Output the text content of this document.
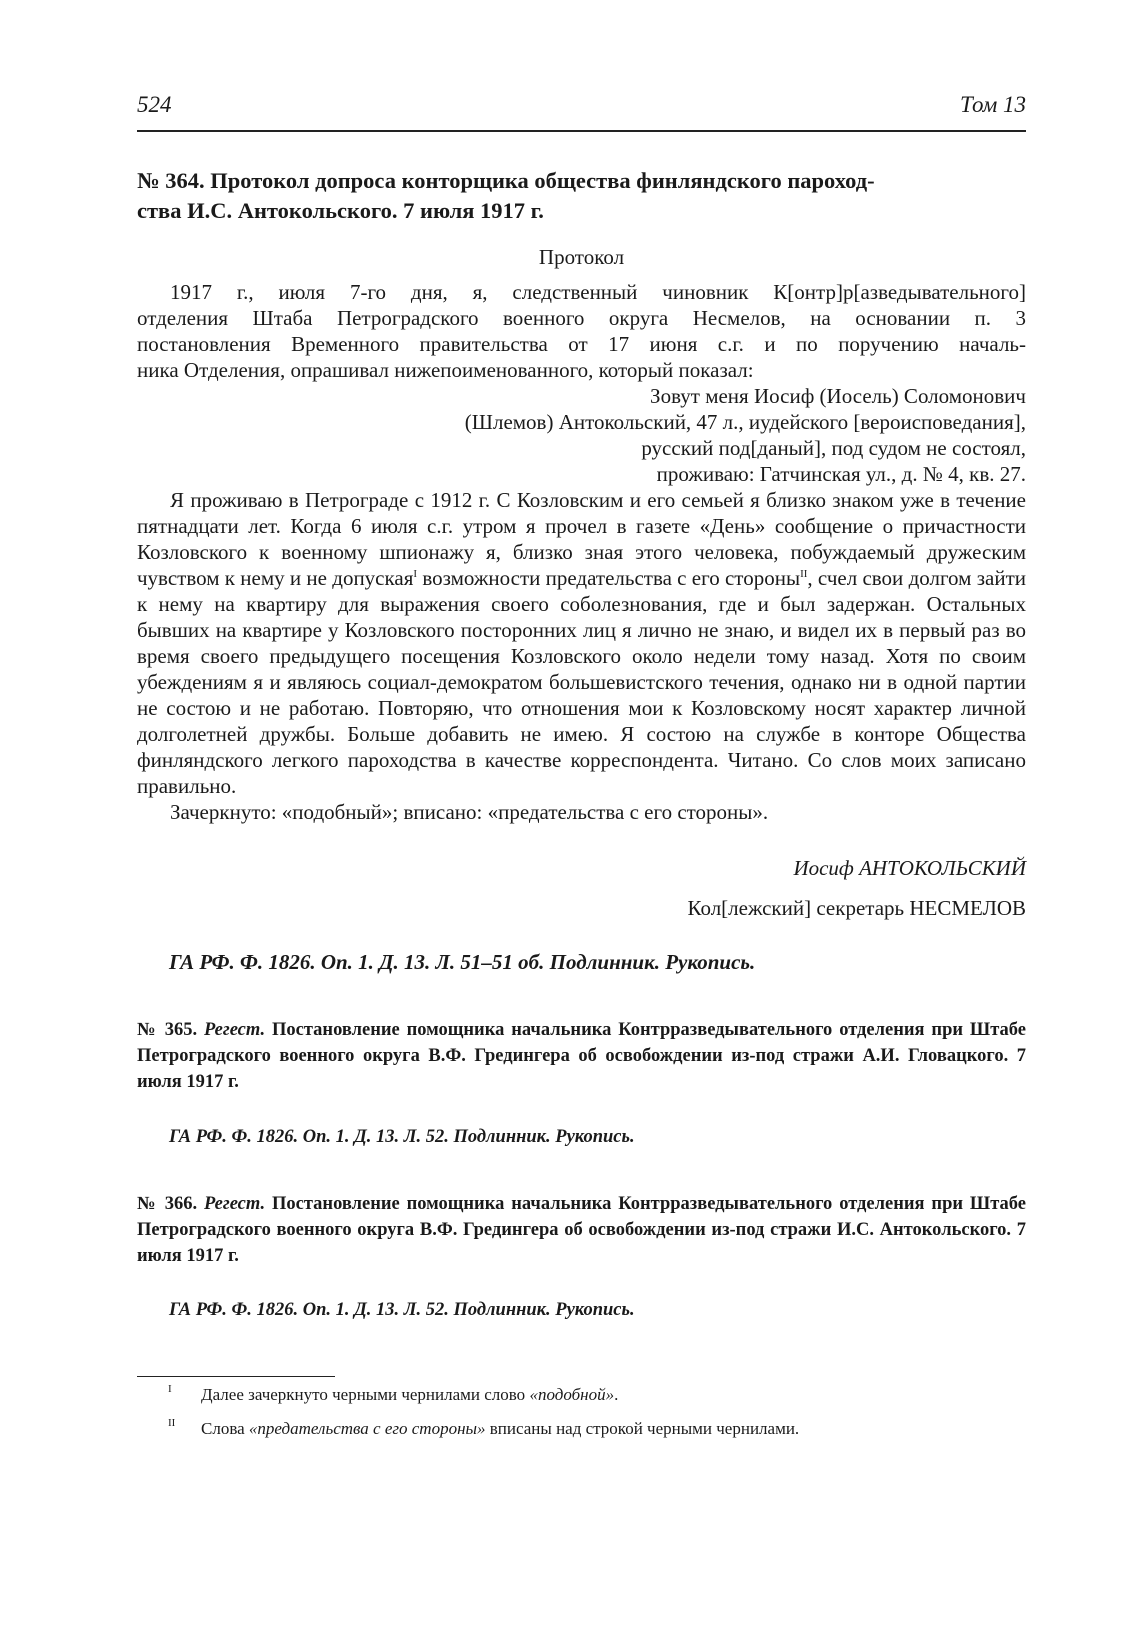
524	Том 13
№ 364. Протокол допроса конторщика общества финляндского пароход-
ства И.С. Антокольского. 7 июля 1917 г.
Протокол

1917 г., июля 7-го дня, я, следственный чиновник К[онтр]р[азведывательного]

отделения Штаба Петроградского военного округа Несмелов, на основании п. 3

постановления Временного правительства от 17 июня с.г. и по поручению началь-

ника Отделения, опрашивал нижепоименованного, который показал:

Зовут меня Иосиф (Иосель) Соломонович

(Шлемов) Антокольский, 47 л., иудейского [вероисповедания],

русский под[даный], под судом не состоял,

проживаю: Гатчинская ул., д. № 4, кв. 27.

Я проживаю в Петрограде с 1912 г. С Козловским и его семьей я близко знаком уже в течение пятнадцати лет. Когда 6 июля с.г. утром я прочел в газете «День» сообщение о причастности Козловского к военному шпионажу я, близко зная этого человека, побуждаемый дружеским чувством к нему и не допуская$^I$ возможности предательства с его стороны$^{II}$, счел свои долгом зайти к нему на квартиру для выражения своего соболезнования, где и был задержан. Остальных бывших на квартире у Козловского посторонних лиц я лично не знаю, и видел их в первый раз во время своего предыдущего посещения Козловского около недели тому назад. Хотя по своим убеждениям я и являюсь социал-демократом большевистского течения, однако ни в одной партии не состою и не работаю. Повторяю, что отношения мои к Козловскому носят характер личной долголетней дружбы. Больше добавить не имею. Я состою на службе в конторе Общества финляндского легкого пароходства в качестве корреспондента. Читано. Со слов моих записано правильно.

Зачеркнуто: «подобный»; вписано: «предательства с его стороны».

Иосиф АНТОКОЛЬСКИЙ
Кол[лежский] секретарь НЕСМЕЛОВ
ГА РФ. Ф. 1826. Оп. 1. Д. 13. Л. 51–51 об. Подлинник. Рукопись.

№ 365. Регест. Постановление помощника начальника Контрразведывательного отделения при Штабе Петроградского военного округа В.Ф. Гредингера об освобождении из-под стражи А.И. Гловацкого. 7 июля 1917 г.

ГА РФ. Ф. 1826. Оп. 1. Д. 13. Л. 52. Подлинник. Рукопись.

№ 366. Регест. Постановление помощника начальника Контрразведывательного отделения при Штабе Петроградского военного округа В.Ф. Гредингера об освобождении из-под стражи И.С. Антокольского. 7 июля 1917 г.

ГА РФ. Ф. 1826. Оп. 1. Д. 13. Л. 52. Подлинник. Рукопись.
I Далее зачеркнуто черными чернилами слово «подобной».
II Слова «предательства с его стороны» вписаны над строкой черными чернилами.
